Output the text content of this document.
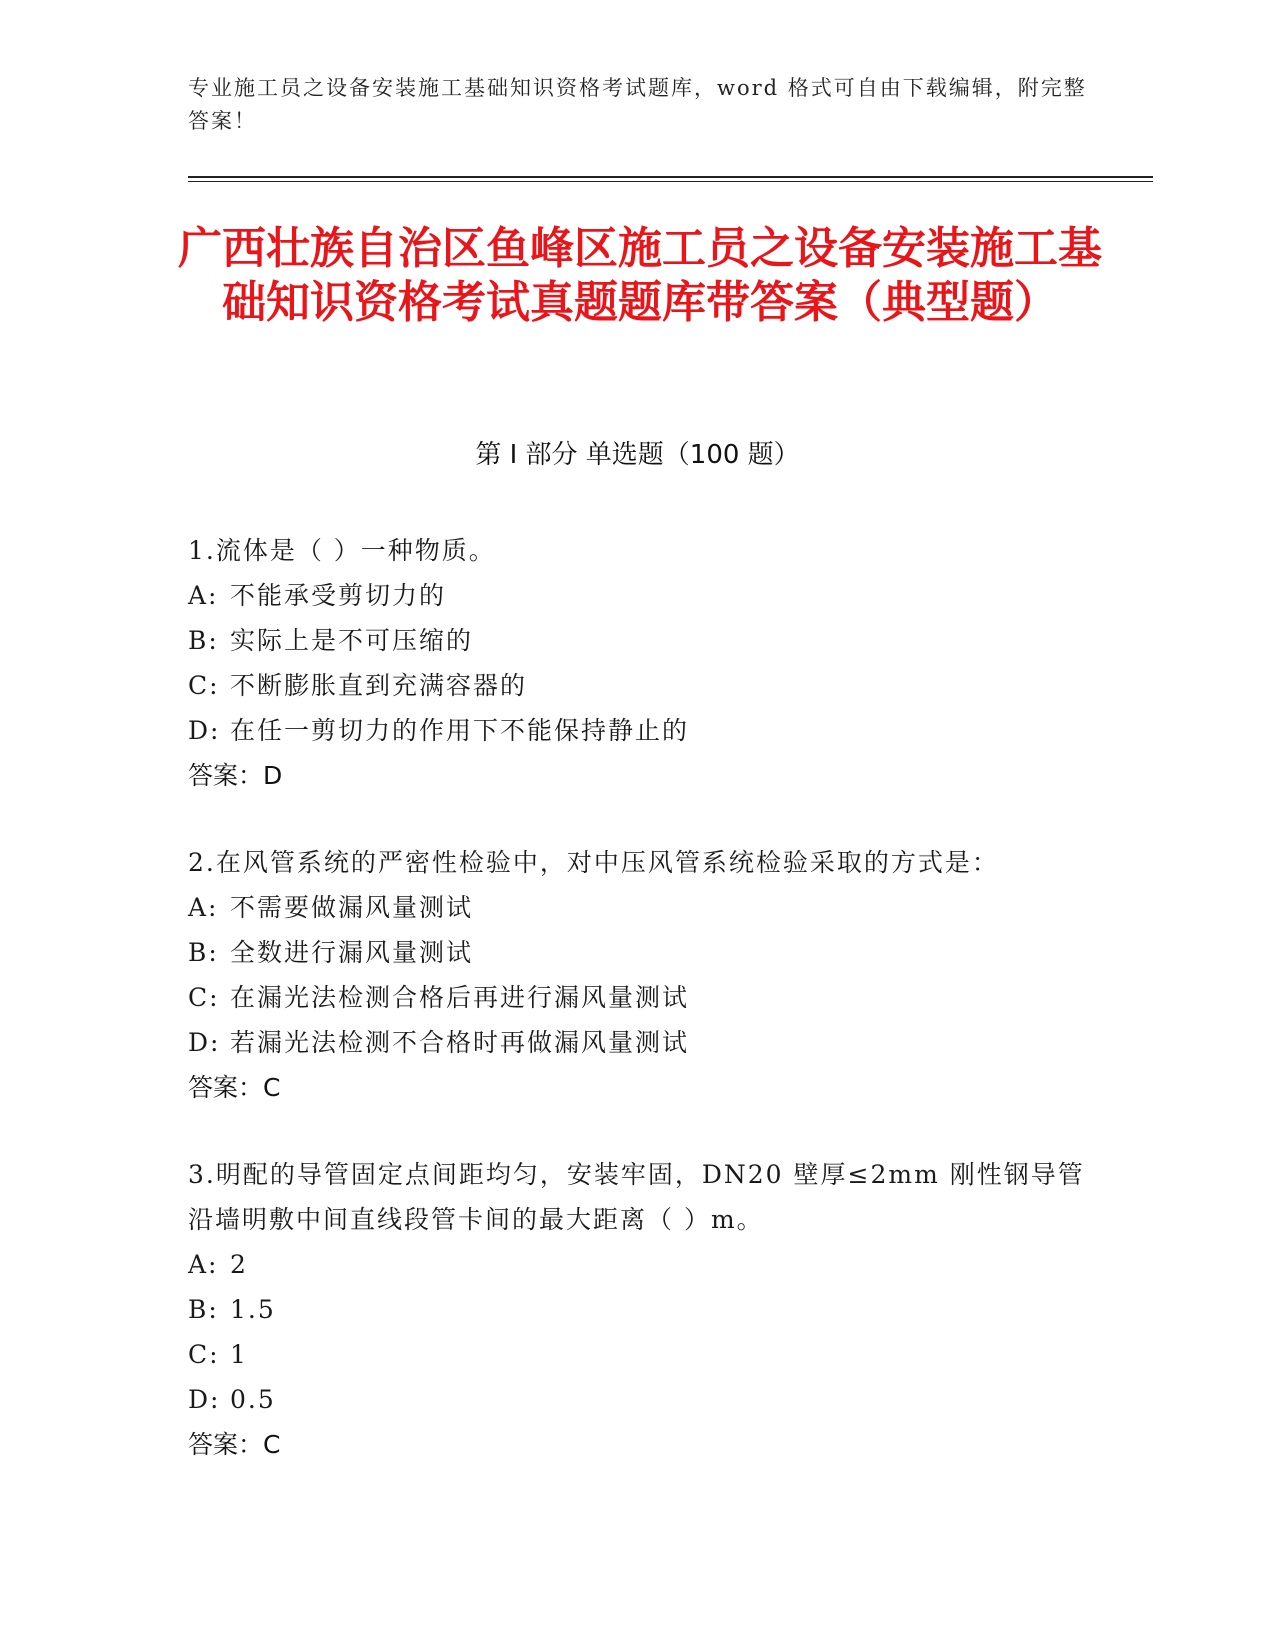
专业施工员之设备安装施工基础知识资格考试题库，word 格式可自由下载编辑，附完整答案！
广西壮族自治区鱼峰区施工员之设备安装施工基础知识资格考试真题题库带答案（典型题）
第 I 部分 单选题（100 题）
1.流体是（ ）一种物质。
A: 不能承受剪切力的
B: 实际上是不可压缩的
C: 不断膨胀直到充满容器的
D: 在任一剪切力的作用下不能保持静止的
答案：D
2.在风管系统的严密性检验中，对中压风管系统检验采取的方式是：
A: 不需要做漏风量测试
B: 全数进行漏风量测试
C: 在漏光法检测合格后再进行漏风量测试
D: 若漏光法检测不合格时再做漏风量测试
答案：C
3.明配的导管固定点间距均匀，安装牢固，DN20 壁厚≤2mm 刚性钢导管沿墙明敷中间直线段管卡间的最大距离（ ）m。
A: 2
B: 1.5
C: 1
D: 0.5
答案：C
